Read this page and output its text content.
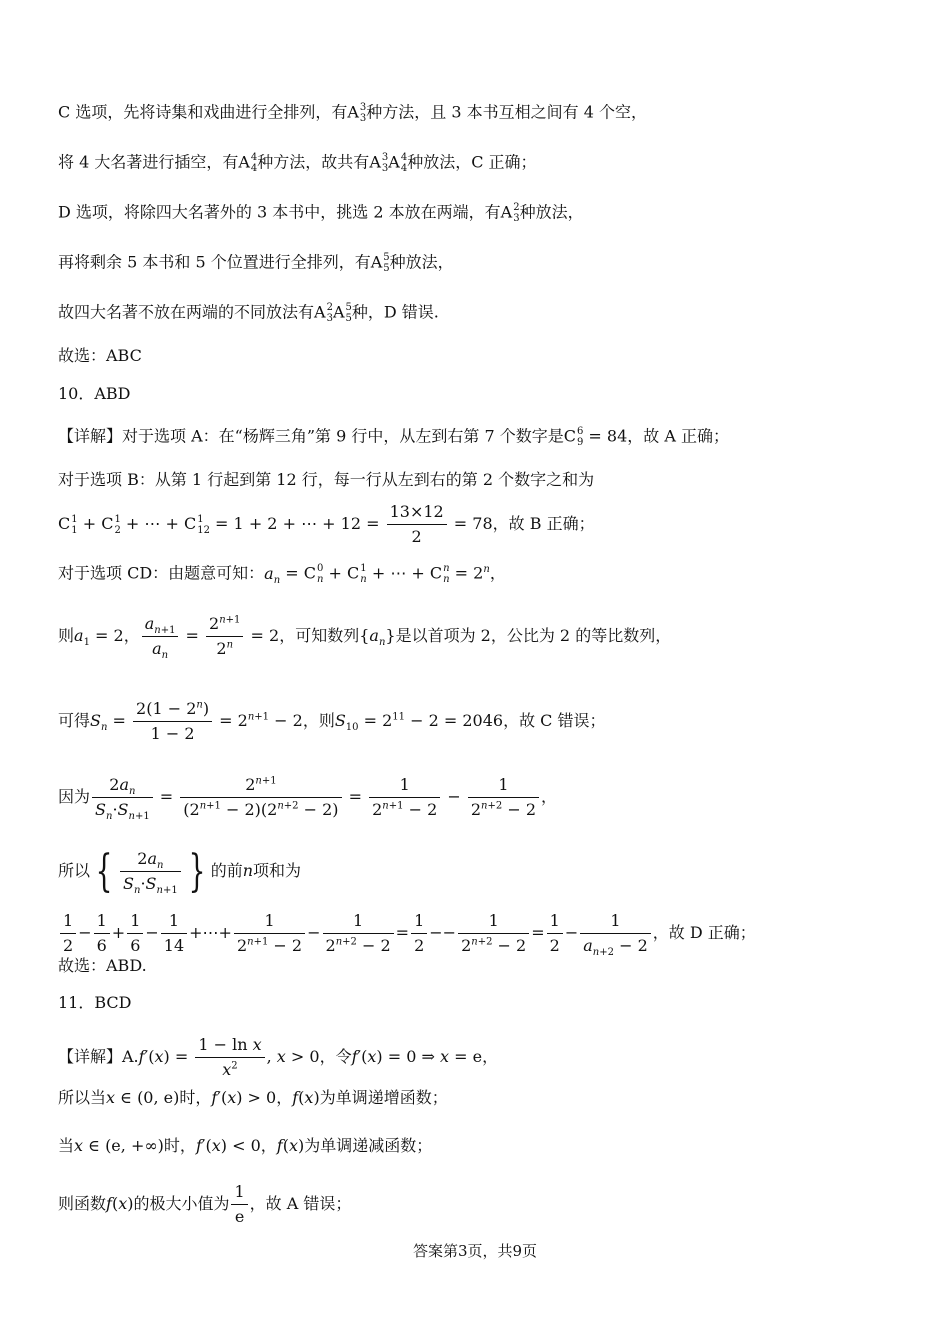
C 选项，先将诗集和戏曲进行全排列，有A 3
3 种方法，且 3 本书互相之间有 4 个空，
将 4 大名著进行插空，有A 4
4 种方法，故共有A 3
3 A 4
4 种放法，C 正确；
D 选项，将除四大名著外的 3 本书中，挑选 2 本放在两端，有A 2
3 种放法，
再将剩余 5 本书和 5 个位置进行全排列，有A 5
5 种放法，
故四大名著不放在两端的不同放法有A 2
3 A 5
5 种，D 错误.
故选：ABC
10．ABD
【详解】对于选项 A：在“杨辉三角”第 9 行中，从左到右第 7 个数字是C 6
9 = 84，故 A 正确；
对于选项 B：从第 1 行起到第 12 行，每一行从左到右的第 2 个数字之和为
C 1
1 + C 1
2 + ⋯ + C 1
12 = 1 + 2 + ⋯ + $12 = \frac{13\times 12}{2} = 78$，故 B 正确；
对于选项 CD：由题意可知：$a_n = C$ 0
n + C 1
n + ⋯ + C n
$n = 2^n$，
则$a_1 = 2$， $\frac{a_{n+1}}{a_n} = \frac{2^{n+1}}{2^n} = 2$，可知数列$\{a_n\}$是以首项为 2，公比为 2 的等比数列，
可得$S_n = \frac{2(1 - 2^n)}{1 - 2} = 2^{n+1} - 2$，则$S_{10} = 2^{11} - 2 = 2046$，故 C 错误；
因为 $\frac{2a_n}{S_n\cdot S_{n+1}} = \frac{2^{n+1}}{(2^{n+1} - 2)(2^{n+2} - 2)} = \frac{1}{2^{n+1} - 2} - \frac{1}{2^{n+2} - 2}$ ，
所以 { $\frac{2a_n}{S_n\cdot S_{n+1}}$ } 的前n项和为
$\frac{1}{2} - \frac{1}{6} + \frac{1}{6} - \frac{1}{14}$ +⋯+ $\frac{1}{2^{n+1} - 2} - \frac{1}{2^{n+2} - 2} = \frac{1}{2} -- \frac{1}{2^{n+2} - 2} = \frac{1}{2} - \frac{1}{a_{n+2} - 2}$ ，故 D 正确；
故选：ABD.
11．BCD
【详解】$A.f'(x) = \frac{\text{1 − ln x}}{x^2}$ , x > 0，令f′(x) = 0 ⇒ x = e，
所以当x ∈ (0, e)时，f′(x) > 0，f(x)为单调递增函数；
当x ∈ (e, +∞)时，f′(x) < 0，f(x)为单调递减函数；
则函数f(x)的极大小值为 $\frac{1}{e}$ ，故 A 错误；
答案第3页，共9页
